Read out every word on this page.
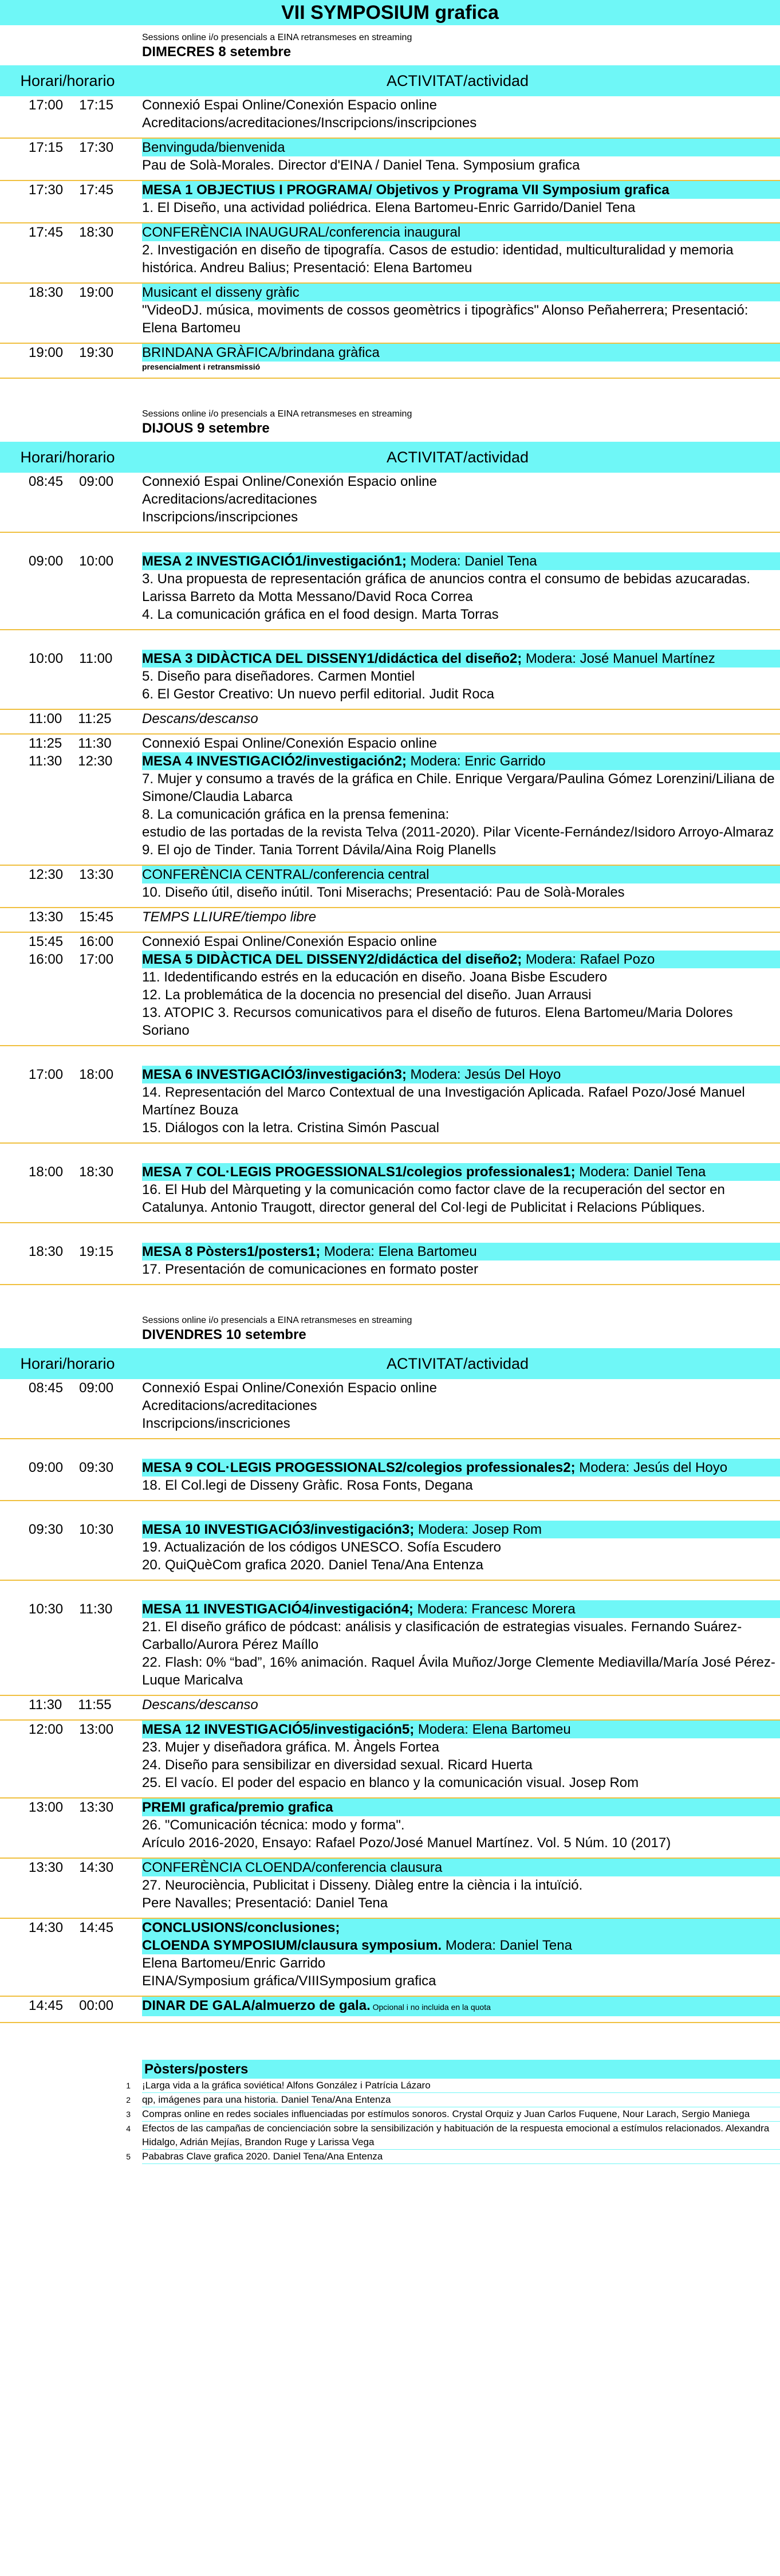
VII SYMPOSIUM grafica
Sessions online i/o presencials a EINA retransmeses en streaming
DIMECRES 8 setembre
Horari/horario	ACTIVITAT/actividad
17:00 17:15	Connexió Espai Online/Conexión Espacio online
Acreditacions/acreditaciones/Inscripcions/inscripciones
17:15 17:30	Benvinguda/bienvenida
Pau de Solà-Morales. Director d'EINA / Daniel Tena. Symposium grafica
17:30 17:45	MESA 1 OBJECTIUS I PROGRAMA/ Objetivos y Programa VII Symposium grafica
1. El Diseño, una actividad poliédrica. Elena Bartomeu-Enric Garrido/Daniel Tena
17:45 18:30	CONFERÈNCIA INAUGURAL/conferencia inaugural
2. Investigación en diseño de tipografía. Casos de estudio: identidad, multiculturalidad y memoria histórica. Andreu Balius; Presentació: Elena Bartomeu
18:30 19:00	Musicant el disseny gràfic
"VideoDJ. música, moviments de cossos geomètrics i tipogràfics" Alonso Peñaherrera; Presentació: Elena Bartomeu
19:00 19:30	BRINDANA GRÀFICA/brindana gràfica
presencialment i retransmissió
Sessions online i/o presencials a EINA retransmeses en streaming
DIJOUS 9 setembre
Horari/horario	ACTIVITAT/actividad
08:45 09:00	Connexió Espai Online/Conexión Espacio online
Acreditacions/acreditaciones
Inscripcions/inscripciones
09:00 10:00	MESA 2 INVESTIGACIÓ1/investigación1; Modera: Daniel Tena
3. Una propuesta de representación gráfica de anuncios contra el consumo de bebidas azucaradas. Larissa Barreto da Motta Messano/David Roca Correa
4. La comunicación gráfica en el food design. Marta Torras
10:00 11:00	MESA 3 DIDÀCTICA DEL DISSENY1/didáctica del diseño2; Modera: José Manuel Martínez
5. Diseño para diseñadores. Carmen Montiel
6. El Gestor Creativo: Un nuevo perfil editorial. Judit Roca
11:00 11:25	Descans/descanso
11:25 11:30	Connexió Espai Online/Conexión Espacio online
11:30 12:30	MESA 4 INVESTIGACIÓ2/investigación2; Modera: Enric Garrido
7. Mujer y consumo a través de la gráfica en Chile. Enrique Vergara/Paulina Gómez Lorenzini/Liliana de Simone/Claudia Labarca
8. La comunicación gráfica en la prensa femenina:
estudio de las portadas de la revista Telva (2011-2020). Pilar Vicente-Fernández/Isidoro Arroyo-Almaraz
9. El ojo de Tinder. Tania Torrent Dávila/Aina Roig Planells
12:30 13:30	CONFERÈNCIA CENTRAL/conferencia central
10. Diseño útil, diseño inútil. Toni Miserachs; Presentació: Pau de Solà-Morales
13:30 15:45	TEMPS LLIURE/tiempo libre
15:45 16:00	Connexió Espai Online/Conexión Espacio online
16:00 17:00	MESA 5 DIDÀCTICA DEL DISSENY2/didáctica del diseño2; Modera: Rafael Pozo
11. Idedentificando estrés en la educación en diseño. Joana Bisbe Escudero
12. La problemática de la docencia no presencial del diseño. Juan Arrausi
13. ATOPIC 3. Recursos comunicativos para el diseño de futuros. Elena Bartomeu/Maria Dolores Soriano
17:00 18:00	MESA 6 INVESTIGACIÓ3/investigación3; Modera: Jesús Del Hoyo
14. Representación del Marco Contextual de una Investigación Aplicada. Rafael Pozo/José Manuel Martínez Bouza
15. Diálogos con la letra. Cristina Simón Pascual
18:00 18:30	MESA 7 COL·LEGIS PROGESSIONALS1/colegios professionales1; Modera: Daniel Tena
16. El Hub del Màrqueting y la comunicación como factor clave de la recuperación del sector en Catalunya. Antonio Traugott, director general del Col·legi de Publicitat i Relacions Públiques.
18:30 19:15	MESA 8 Pòsters1/posters1; Modera: Elena Bartomeu
17. Presentación de comunicaciones en formato poster
Sessions online i/o presencials a EINA retransmeses en streaming
DIVENDRES 10 setembre
Horari/horario	ACTIVITAT/actividad
08:45 09:00	Connexió Espai Online/Conexión Espacio online
Acreditacions/acreditaciones
Inscripcions/inscriciones
09:00 09:30	MESA 9 COL·LEGIS PROGESSIONALS2/colegios professionales2; Modera: Jesús del Hoyo
18. El Col.legi de Disseny Gràfic. Rosa Fonts, Degana
09:30 10:30	MESA 10 INVESTIGACIÓ3/investigación3; Modera: Josep Rom
19. Actualización de los códigos UNESCO. Sofía Escudero
20. QuiQuèCom grafica 2020. Daniel Tena/Ana Entenza
10:30 11:30	MESA 11 INVESTIGACIÓ4/investigación4; Modera: Francesc Morera
21. El diseño gráfico de pódcast: análisis y clasificación de estrategias visuales. Fernando Suárez-Carballo/Aurora Pérez Maíllo
22. Flash: 0% “bad”, 16% animación. Raquel Ávila Muñoz/Jorge Clemente Mediavilla/María José Pérez-Luque Maricalva
11:30 11:55	Descans/descanso
12:00 13:00	MESA 12 INVESTIGACIÓ5/investigación5; Modera: Elena Bartomeu
23. Mujer y diseñadora gráfica. M. Àngels Fortea
24. Diseño para sensibilizar en diversidad sexual. Ricard Huerta
25. El vacío. El poder del espacio en blanco y la comunicación visual. Josep Rom
13:00 13:30	PREMI grafica/premio grafica
26. "Comunicación técnica: modo y forma".
Arículo 2016-2020, Ensayo: Rafael Pozo/José Manuel Martínez. Vol. 5 Núm. 10 (2017)
13:30 14:30	CONFERÈNCIA CLOENDA/conferencia clausura
27. Neurociència, Publicitat i Disseny. Diàleg entre la ciència i la intuïció.
Pere Navalles; Presentació: Daniel Tena
14:30 14:45	CONCLUSIONS/conclusiones;
CLOENDA SYMPOSIUM/clausura symposium. Modera: Daniel Tena
Elena Bartomeu/Enric Garrido
EINA/Symposium gráfica/VIIISymposium grafica
14:45 00:00	DINAR DE GALA/almuerzo de gala. Opcional i no incluida en la quota
Pòsters/posters
1	¡Larga vida a la gráfica soviética! Alfons González i Patrícia Lázaro
2	qp, imágenes para una historia. Daniel Tena/Ana Entenza
3	Compras online en redes sociales influenciadas por estímulos sonoros. Crystal Orquiz y Juan Carlos Fuquene, Nour Larach, Sergio Maniega
4	Efectos de las campañas de concienciación sobre la sensibilización y habituación de la respuesta emocional a estímulos relacionados. Alexandra Hidalgo, Adrián Mejías, Brandon Ruge y Larissa Vega
5	Pababras Clave grafica 2020. Daniel Tena/Ana Entenza
